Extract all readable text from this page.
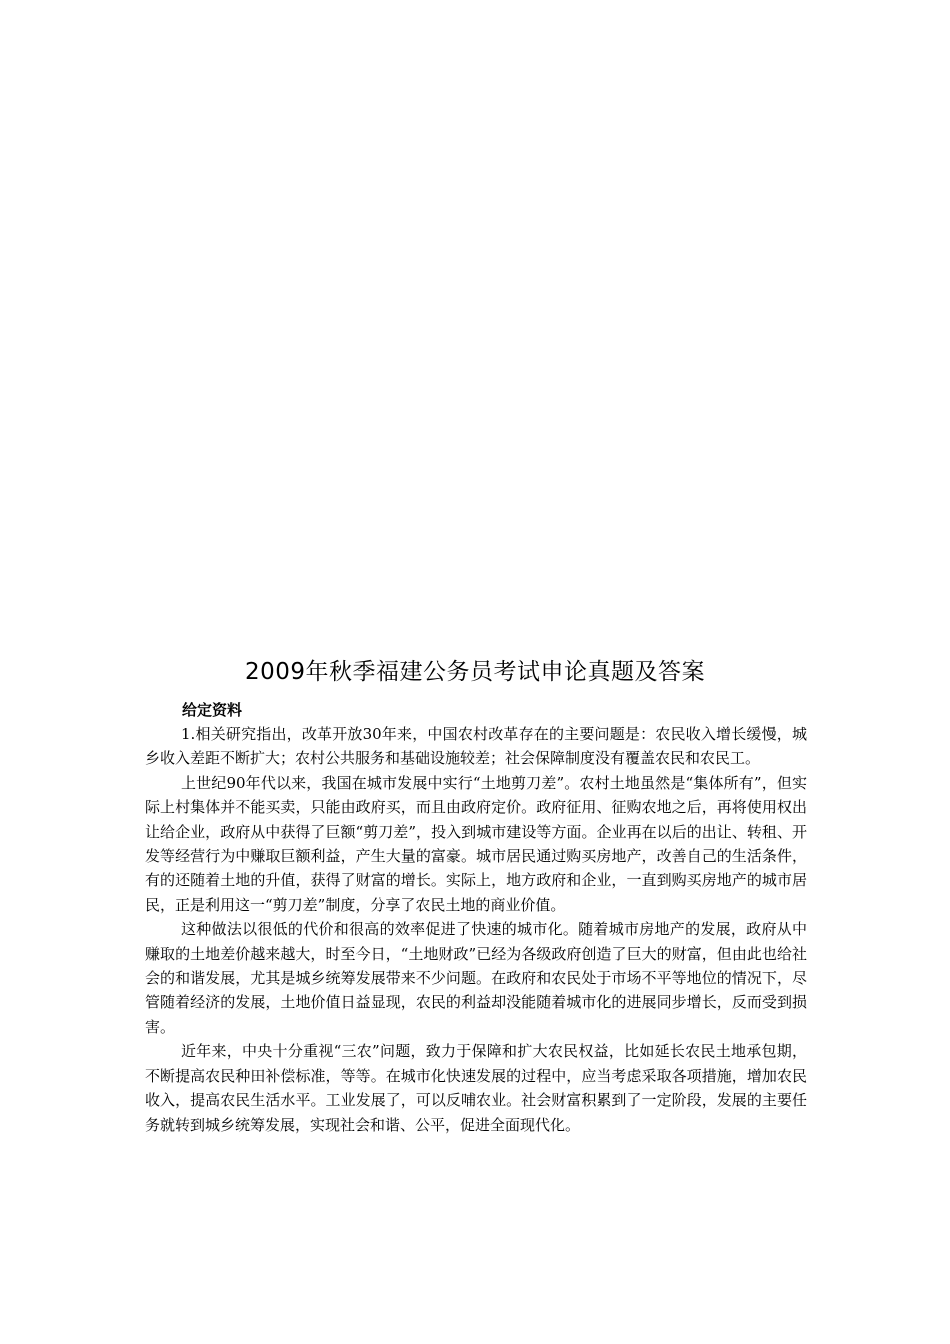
2009年秋季福建公务员考试申论真题及答案
给定资料

1.相关研究指出，改革开放30年来，中国农村改革存在的主要问题是：农民收入增长缓慢，城乡收入差距不断扩大；农村公共服务和基础设施较差；社会保障制度没有覆盖农民和农民工。

上世纪90年代以来，我国在城市发展中实行“土地剪刀差”。农村土地虽然是“集体所有”，但实际上村集体并不能买卖，只能由政府买，而且由政府定价。政府征用、征购农地之后，再将使用权出让给企业，政府从中获得了巨额“剪刀差”，投入到城市建设等方面。企业再在以后的出让、转租、开发等经营行为中赚取巨额利益，产生大量的富豪。城市居民通过购买房地产，改善自己的生活条件，有的还随着土地的升值，获得了财富的增长。实际上，地方政府和企业，一直到购买房地产的城市居民，正是利用这一“剪刀差”制度，分享了农民土地的商业价值。

这种做法以很低的代价和很高的效率促进了快速的城市化。随着城市房地产的发展，政府从中赚取的土地差价越来越大，时至今日，“土地财政”已经为各级政府创造了巨大的财富，但由此也给社会的和谐发展，尤其是城乡统筹发展带来不少问题。在政府和农民处于市场不平等地位的情况下，尽管随着经济的发展，土地价值日益显现，农民的利益却没能随着城市化的进展同步增长，反而受到损害。

近年来，中央十分重视“三农”问题，致力于保障和扩大农民权益，比如延长农民土地承包期，不断提高农民种田补偿标准，等等。在城市化快速发展的过程中，应当考虑采取各项措施，增加农民收入，提高农民生活水平。工业发展了，可以反哺农业。社会财富积累到了一定阶段，发展的主要任务就转到城乡统筹发展，实现社会和谐、公平，促进全面现代化。
